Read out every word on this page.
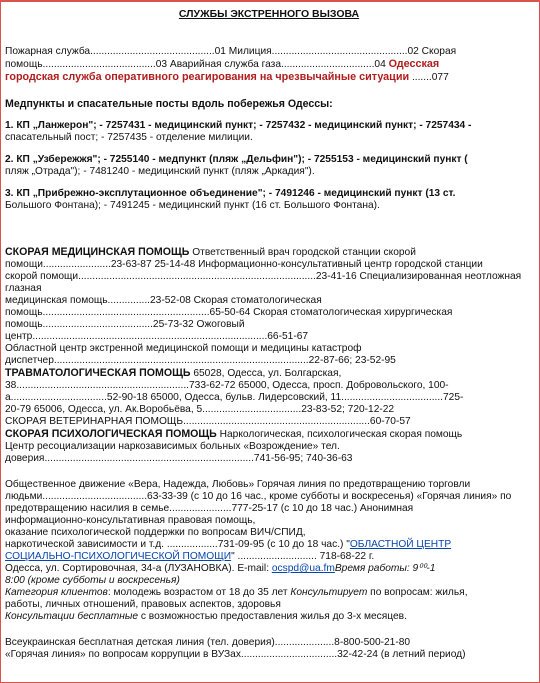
СЛУЖБЫ ЭКСТРЕННОГО ВЫЗОВА

Пожарная служба............................................01 Милиция................................................02 Скорая

помощь........................................03 Аварийная служба газа.................................04 Одесская

городская служба оперативного реагирования на чрезвычайные ситуации .......077

Медпункты и спасательные посты вдоль побережья Одессы:

1. КП „Ланжерон"; - 7257431 - медицинский пункт; - 7257432 - медицинский пункт; - 7257434 -

спасательный пост; - 7257435 - отделение милиции.

2. КП „Узбережжя"; - 7255140 - медпункт (пляж „Дельфин"); - 7255153 - медицинский пункт (

пляж „Отрада"); - 7481240 - медицинский пункт (пляж „Аркадия").

3. КП „Прибрежно-эксплутационное объединение"; - 7491246 - медицинский пункт (13 ст.

Большого Фонтана); - 7491245 - медицинский пункт (16 ст. Большого Фонтана).

СКОРАЯ МЕДИЦИНСКАЯ ПОМОЩЬ Ответственный врач городской станции скорой

помощи........................23-63-87 25-14-48 Информационно-консультативный центр городской станции

скорой помощи....................................................................................23-41-16 Специализированная неотложная глазная

медицинская помощь...............23-52-08 Скорая стоматологическая

помощь...........................................................65-50-64 Скорая стоматологическая хирургическая

помощь.......................................25-73-32 Ожоговый

центр...................................................................................66-51-67

Областной центр экстренной медицинской помощи и медицины катастроф

диспетчер..........................................................................................22-87-66; 23-52-95

ТРАВМАТОЛОГИЧЕСКАЯ ПОМОЩЬ 65028, Одесса, ул. Болгарская,

38.............................................................733-62-72 65000, Одесса, просп. Добровольского, 100-

а..................................52-90-18 65000, Одесса, бульв. Лидерсовский, 11....................................725-

20-79 65006, Одесса, ул. Ак.Воробьёва, 5...................................23-83-52; 720-12-22

СКОРАЯ ВЕТЕРИНАРНАЯ ПОМОЩЬ..................................................................60-70-57

СКОРАЯ ПСИХОЛОГИЧЕСКАЯ ПОМОЩЬ Наркологическая, психологическая скорая помощь

Центр ресоциализации наркозависимых больных «Возрождение» тел.

доверия..........................................................................741-56-95; 740-36-63

Общественное движение «Вера, Надежда, Любовь» Горячая линия по предотвращению торговли

людьми.....................................63-33-39 (с 10 до 16 час., кроме субботы и воскресенья) «Горячая линия» по

предотвращению насилия в семье......................777-25-17 (с 10 до 18 час.) Анонимная

информационно-консультативная правовая помощь,

оказание психологической поддержки по вопросам ВИЧ/СПИД,

наркотической зависимости и т.д. ..................731-09-95 (с 10 до 18 час.) "ОБЛАСТНОЙ ЦЕНТР

СОЦИАЛЬНО-ПСИХОЛОГИЧЕСКОЙ ПОМОЩИ" ............................ 718-68-22 г.

Одесса, ул. Сортировочная, 34-а (ЛУЗАНОВКА). E-mail: ocspd@ua.fmВремя работы: 9⁰⁰-1

8:00 (кроме субботы и воскресенья)

Категория клиентов: молодежь возрастом от 18 до 35 лет Консультирует по вопросам: жилья,

работы, личных отношений, правовых аспектов, здоровья

Консультации бесплатные с возможностью предоставления жилья до 3-х месяцев.

Всеукраинская бесплатная детская линия (тел. доверия).....................8-800-500-21-80

«Горячая линия» по вопросам коррупции в ВУЗах..................................32-42-24 (в летний период)
